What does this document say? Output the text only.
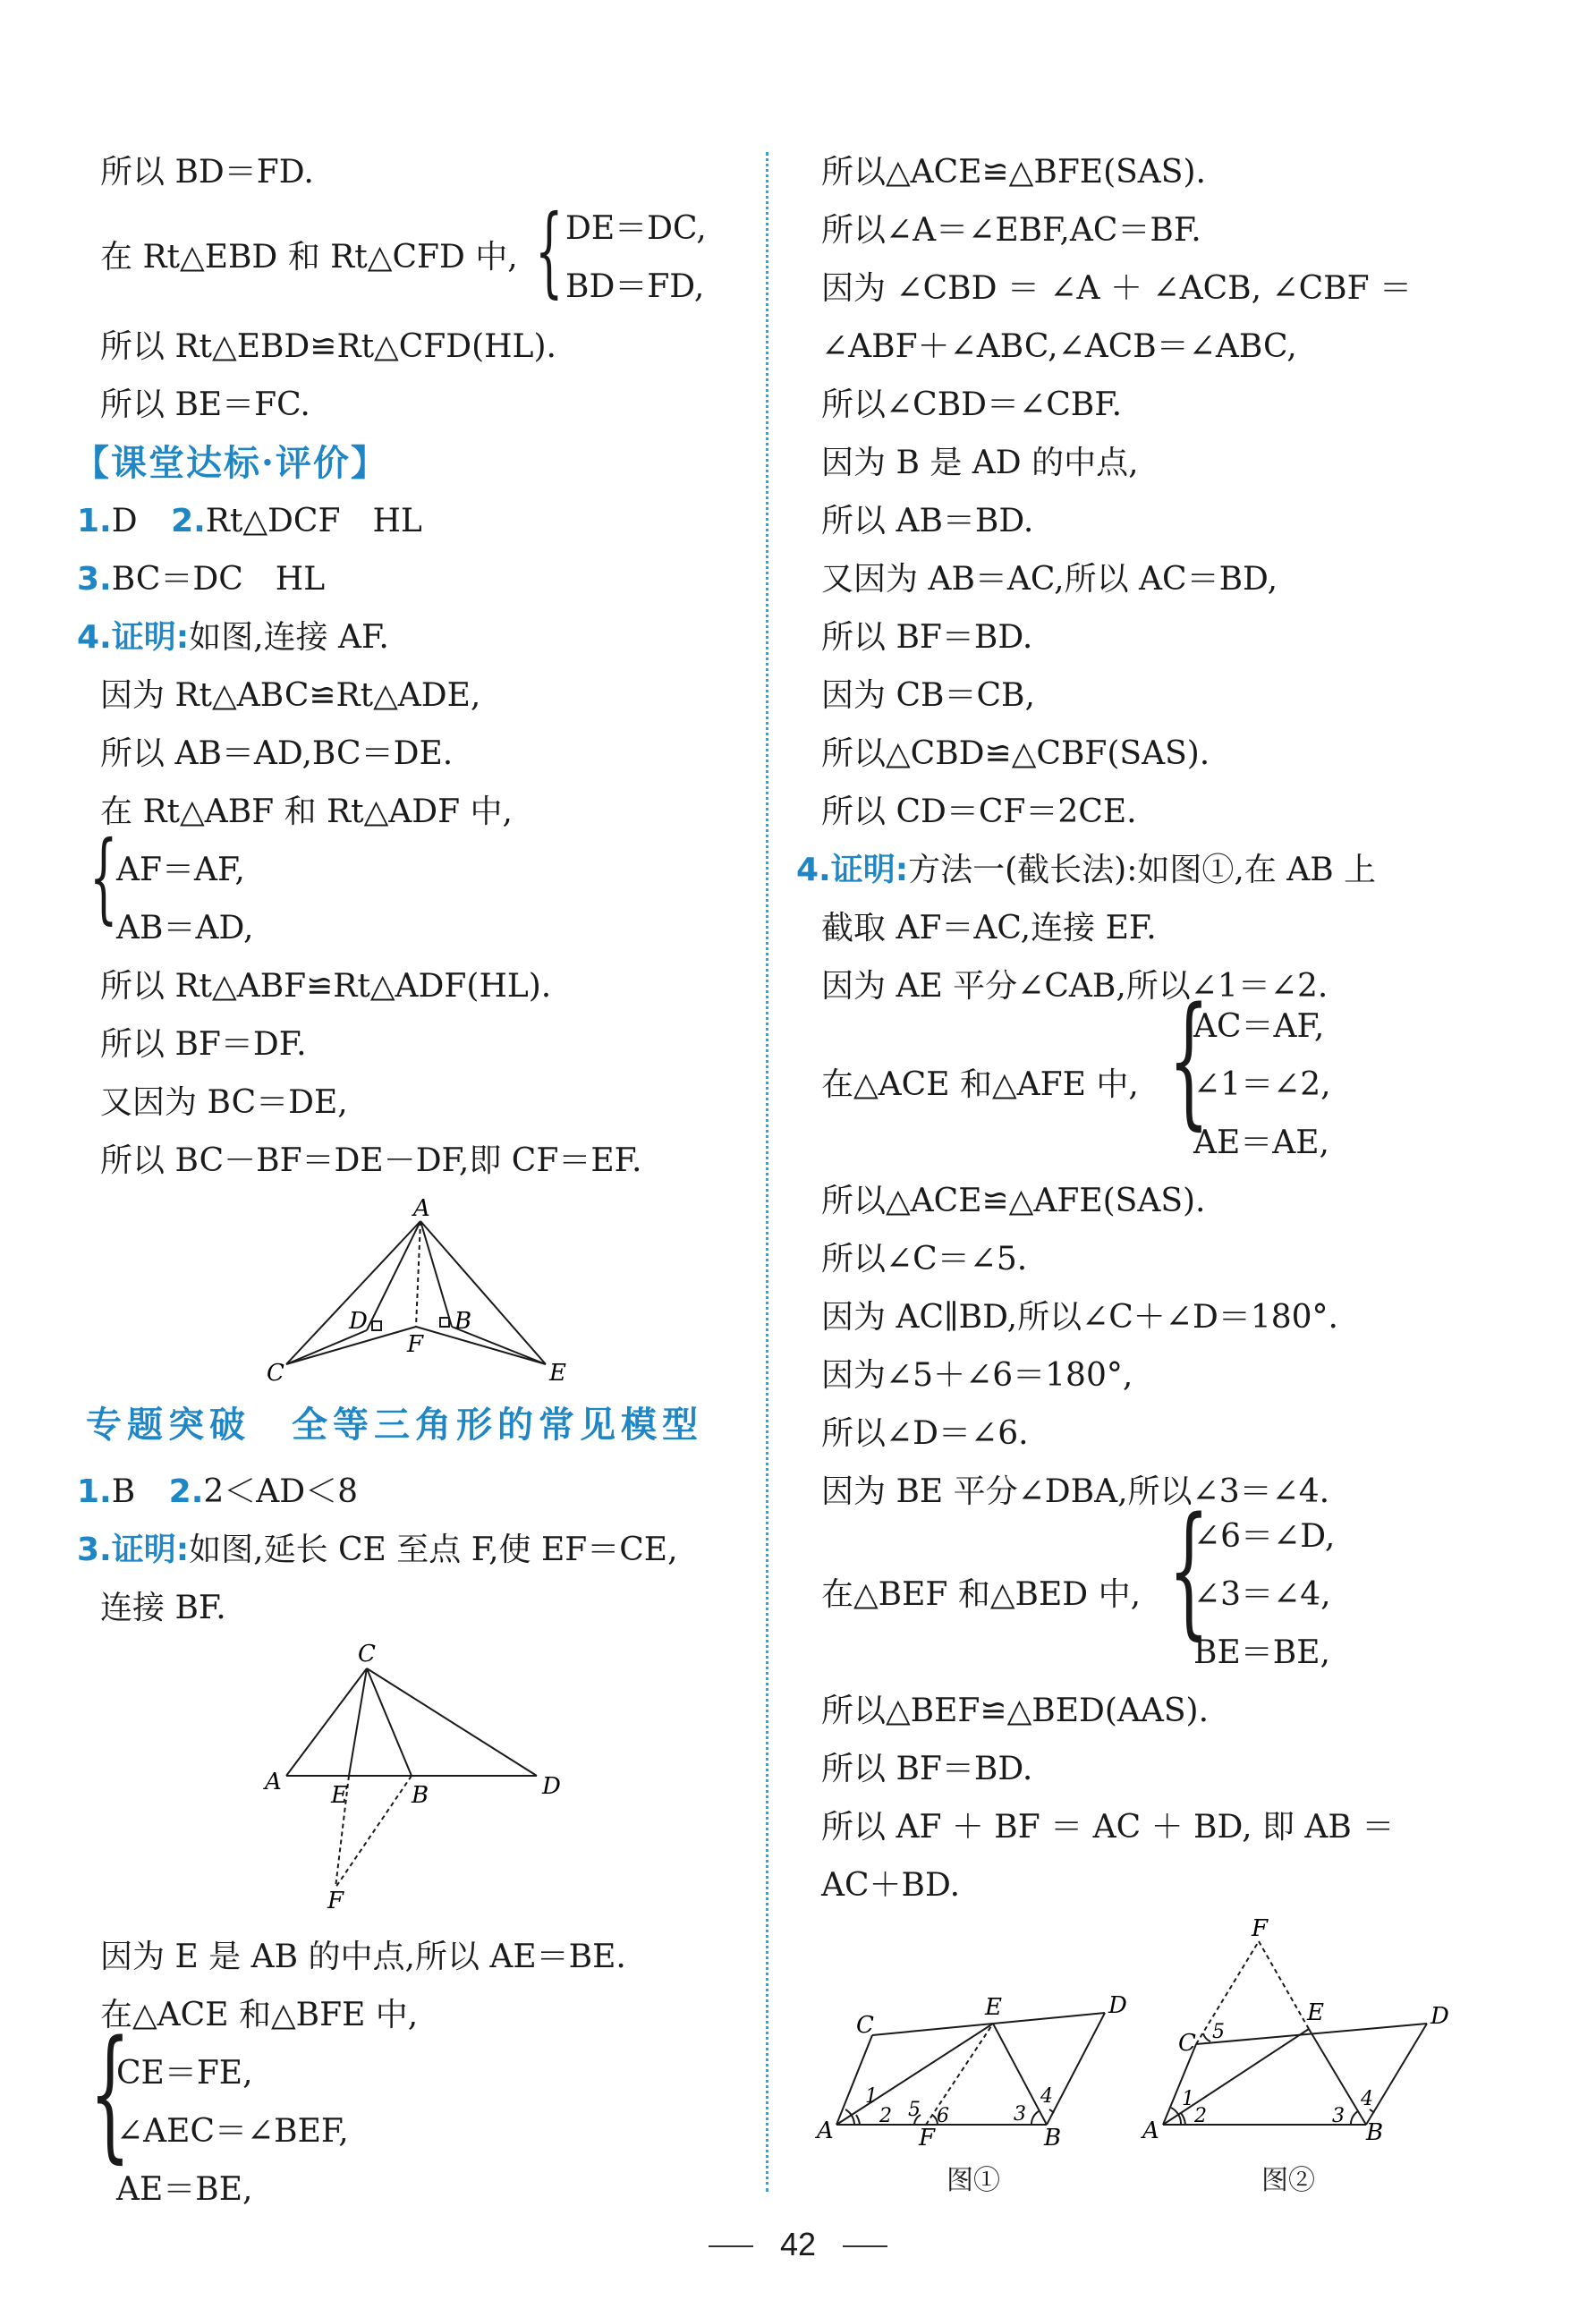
所以 BD＝FD.
在 Rt△EBD 和 Rt△CFD 中, { DE＝DC,
BD＝FD,
所以 Rt△EBD≌Rt△CFD(HL).
所以 BE＝FC.
【课堂达标·评价】
1.D 2.Rt△DCF　HL
3.BC＝DC　HL
4.证明:如图,连接 AF.
因为 Rt△ABC≌Rt△ADE,
所以 AB＝AD,BC＝DE.
在 Rt△ABF 和 Rt△ADF 中,
{
AF＝AF,
AB＝AD,
所以 Rt△ABF≌Rt△ADF(HL).
所以 BF＝DF.
又因为 BC＝DE,
所以 BC－BF＝DE－DF,即 CF＝EF.
A
B
C
D
E
F
专题突破　全等三角形的常见模型
1.B 2.2＜AD＜8
3.证明:如图,延长 CE 至点 F,使 EF＝CE,
连接 BF.
C
A E	B	D
F
因为 E 是 AB 的中点,所以 AE＝BE.
在△ACE 和△BFE 中,
{
CE＝FE,
∠AEC＝∠BEF,
AE＝BE,
所以△ACE≌△BFE(SAS).
所以∠A＝∠EBF,AC＝BF.
因为 ∠CBD ＝ ∠A ＋ ∠ACB, ∠CBF ＝
∠ABF＋∠ABC,∠ACB＝∠ABC,
所以∠CBD＝∠CBF.
因为 B 是 AD 的中点,
所以 AB＝BD.
又因为 AB＝AC,所以 AC＝BD,
所以 BF＝BD.
因为 CB＝CB,
所以△CBD≌△CBF(SAS).
所以 CD＝CF＝2CE.
4.证明:方法一(截长法):如图①,在 AB 上
截取 AF＝AC,连接 EF.
因为 AE 平分∠CAB,所以∠1＝∠2.
在△ACE 和△AFE 中, {
AC＝AF,
∠1＝∠2,
AE＝AE,
所以△ACE≌△AFE(SAS).
所以∠C＝∠5.
因为 AC∥BD,所以∠C＋∠D＝180°.
因为∠5＋∠6＝180°,
所以∠D＝∠6.
因为 BE 平分∠DBA,所以∠3＝∠4.
在△BEF 和△BED 中, {
∠6＝∠D,
∠3＝∠4,
BE＝BE,
所以△BEF≌△BED(AAS).
所以 BF＝BD.
所以 AF ＋ BF ＝ AC ＋ BD, 即 AB ＝
AC＋BD.
C
E	D
A	F	B
1
2	3
4
5 6
图①
F
C
E	D
A	B
1
2	3
4
5
图②
42
